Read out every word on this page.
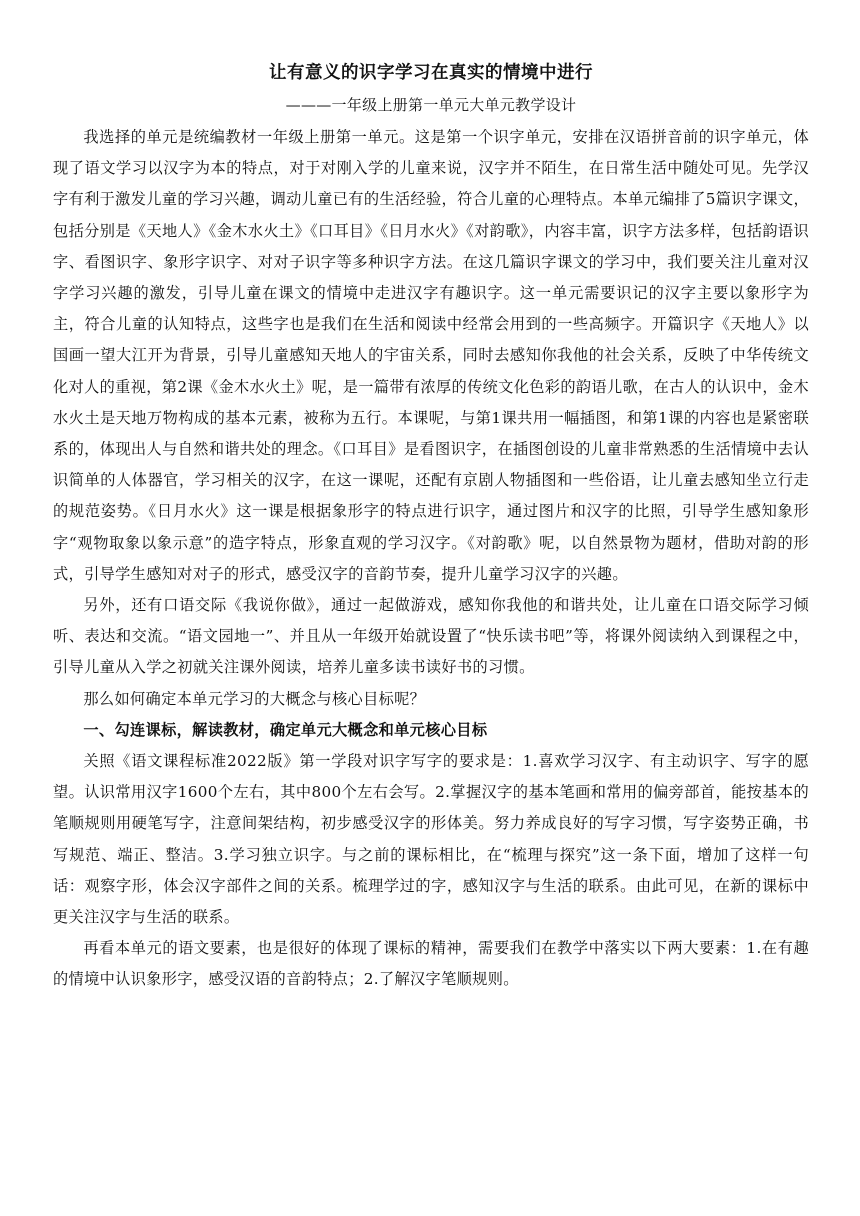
让有意义的识字学习在真实的情境中进行
———一年级上册第一单元大单元教学设计

我选择的单元是统编教材一年级上册第一单元。这是第一个识字单元，安排在汉语拼音前的识字单元，体现了语文学习以汉字为本的特点，对于对刚入学的儿童来说，汉字并不陌生，在日常生活中随处可见。先学汉字有利于激发儿童的学习兴趣，调动儿童已有的生活经验，符合儿童的心理特点。本单元编排了5篇识字课文，包括分别是《天地人》《金木水火土》《口耳目》《日月水火》《对韵歌》，内容丰富，识字方法多样，包括韵语识字、看图识字、象形字识字、对对子识字等多种识字方法。在这几篇识字课文的学习中，我们要关注儿童对汉字学习兴趣的激发，引导儿童在课文的情境中走进汉字有趣识字。这一单元需要识记的汉字主要以象形字为主，符合儿童的认知特点，这些字也是我们在生活和阅读中经常会用到的一些高频字。开篇识字《天地人》以国画一望大江开为背景，引导儿童感知天地人的宇宙关系，同时去感知你我他的社会关系，反映了中华传统文化对人的重视，第2课《金木水火土》呢，是一篇带有浓厚的传统文化色彩的韵语儿歌，在古人的认识中，金木水火土是天地万物构成的基本元素，被称为五行。本课呢，与第1课共用一幅插图，和第1课的内容也是紧密联系的，体现出人与自然和谐共处的理念。《口耳目》是看图识字，在插图创设的儿童非常熟悉的生活情境中去认识简单的人体器官，学习相关的汉字，在这一课呢，还配有京剧人物插图和一些俗语，让儿童去感知坐立行走的规范姿势。《日月水火》这一课是根据象形字的特点进行识字，通过图片和汉字的比照，引导学生感知象形字“观物取象以象示意”的造字特点，形象直观的学习汉字。《对韵歌》呢，以自然景物为题材，借助对韵的形式，引导学生感知对对子的形式，感受汉字的音韵节奏，提升儿童学习汉字的兴趣。

另外，还有口语交际《我说你做》，通过一起做游戏，感知你我他的和谐共处，让儿童在口语交际学习倾听、表达和交流。“语文园地一”、并且从一年级开始就设置了“快乐读书吧”等，将课外阅读纳入到课程之中，引导儿童从入学之初就关注课外阅读，培养儿童多读书读好书的习惯。

那么如何确定本单元学习的大概念与核心目标呢？

一、勾连课标，解读教材，确定单元大概念和单元核心目标

关照《语文课程标准2022版》第一学段对识字写字的要求是：1.喜欢学习汉字、有主动识字、写字的愿望。认识常用汉字1600个左右，其中800个左右会写。2.掌握汉字的基本笔画和常用的偏旁部首，能按基本的笔顺规则用硬笔写字，注意间架结构，初步感受汉字的形体美。努力养成良好的写字习惯，写字姿势正确，书写规范、端正、整洁。3.学习独立识字。与之前的课标相比，在“梳理与探究”这一条下面，增加了这样一句话：观察字形，体会汉字部件之间的关系。梳理学过的字，感知汉字与生活的联系。由此可见，在新的课标中更关注汉字与生活的联系。

再看本单元的语文要素，也是很好的体现了课标的精神，需要我们在教学中落实以下两大要素：1.在有趣的情境中认识象形字，感受汉语的音韵特点；2.了解汉字笔顺规则。
